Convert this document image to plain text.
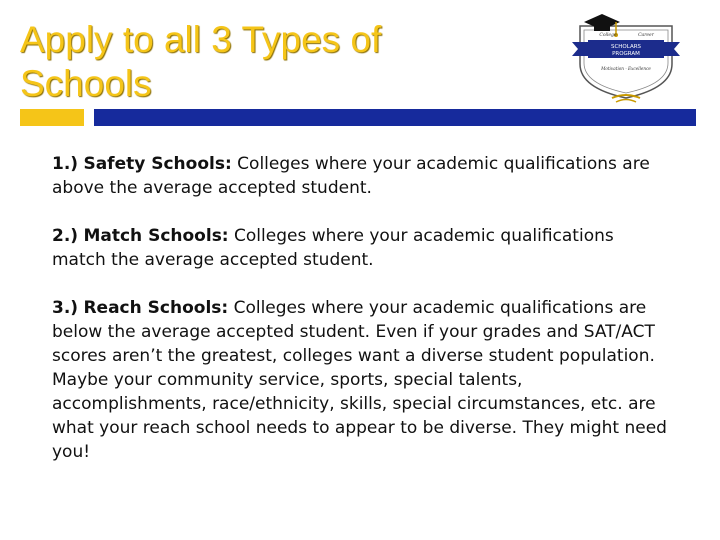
Apply to all 3 Types of
Schools
SCHOLARS
PROGRAM
College	Career
Motivation · Excellence

1.) Safety Schools: Colleges where your academic qualifications are above the average accepted student.

2.) Match Schools: Colleges where your academic qualifications match the average accepted student.

3.) Reach Schools: Colleges where your academic qualifications are below the average accepted student. Even if your grades and SAT/ACT scores aren’t the greatest, colleges want a diverse student population. Maybe your community service, sports, special talents, accomplishments, race/ethnicity, skills, special circumstances, etc. are what your reach school needs to appear to be diverse. They might need you!
